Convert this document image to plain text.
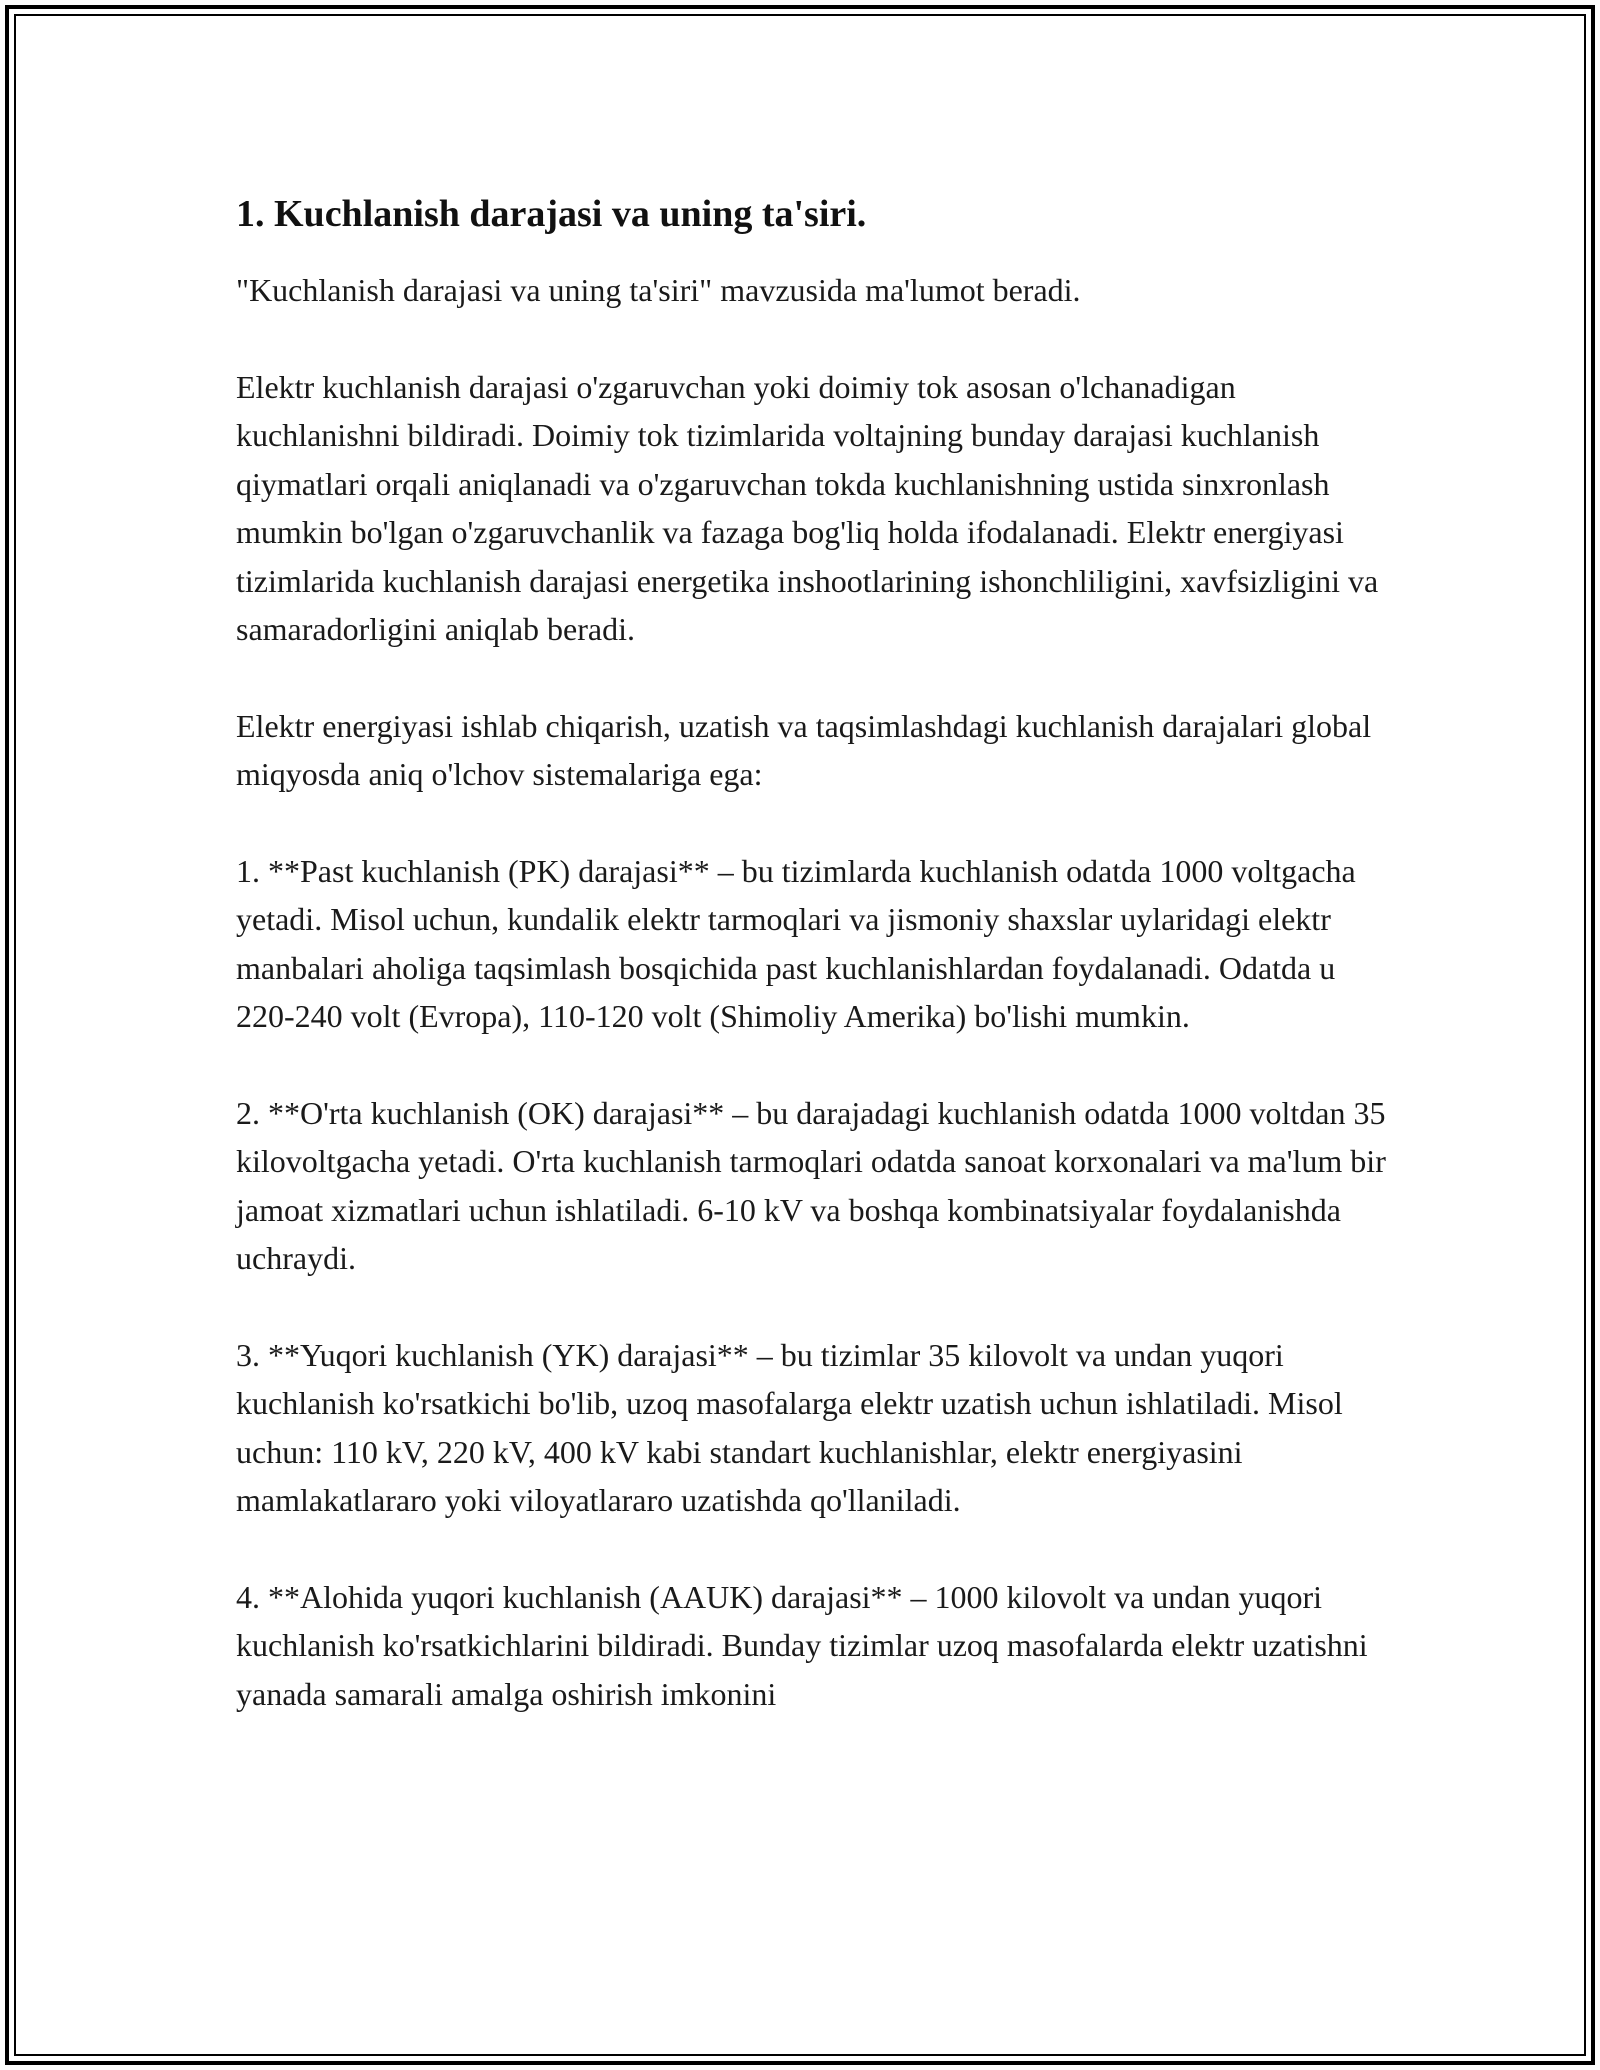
1. Kuchlanish darajasi va uning ta'siri.

"Kuchlanish darajasi va uning ta'siri" mavzusida ma'lumot beradi.

Elektr kuchlanish darajasi o'zgaruvchan yoki doimiy tok asosan o'lchanadigan kuchlanishni bildiradi. Doimiy tok tizimlarida voltajning bunday darajasi kuchlanish qiymatlari orqali aniqlanadi va o'zgaruvchan tokda kuchlanishning ustida sinxronlash mumkin bo'lgan o'zgaruvchanlik va fazaga bog'liq holda ifodalanadi. Elektr energiyasi tizimlarida kuchlanish darajasi energetika inshootlarining ishonchliligini, xavfsizligini va samaradorligini aniqlab beradi.

Elektr energiyasi ishlab chiqarish, uzatish va taqsimlashdagi kuchlanish darajalari global miqyosda aniq o'lchov sistemalariga ega:

1. **Past kuchlanish (PK) darajasi** – bu tizimlarda kuchlanish odatda 1000 voltgacha yetadi. Misol uchun, kundalik elektr tarmoqlari va jismoniy shaxslar uylaridagi elektr manbalari aholiga taqsimlash bosqichida past kuchlanishlardan foydalanadi. Odatda u 220-240 volt (Evropa), 110-120 volt (Shimoliy Amerika) bo'lishi mumkin.

2. **O'rta kuchlanish (OK) darajasi** – bu darajadagi kuchlanish odatda 1000 voltdan 35 kilovoltgacha yetadi. O'rta kuchlanish tarmoqlari odatda sanoat korxonalari va ma'lum bir jamoat xizmatlari uchun ishlatiladi. 6-10 kV va boshqa kombinatsiyalar foydalanishda uchraydi.

3. **Yuqori kuchlanish (YK) darajasi** – bu tizimlar 35 kilovolt va undan yuqori kuchlanish ko'rsatkichi bo'lib, uzoq masofalarga elektr uzatish uchun ishlatiladi. Misol uchun: 110 kV, 220 kV, 400 kV kabi standart kuchlanishlar, elektr energiyasini mamlakatlararo yoki viloyatlararo uzatishda qo'llaniladi.

4. **Alohida yuqori kuchlanish (AAUK) darajasi** – 1000 kilovolt va undan yuqori kuchlanish ko'rsatkichlarini bildiradi. Bunday tizimlar uzoq masofalarda elektr uzatishni yanada samarali amalga oshirish imkonini
